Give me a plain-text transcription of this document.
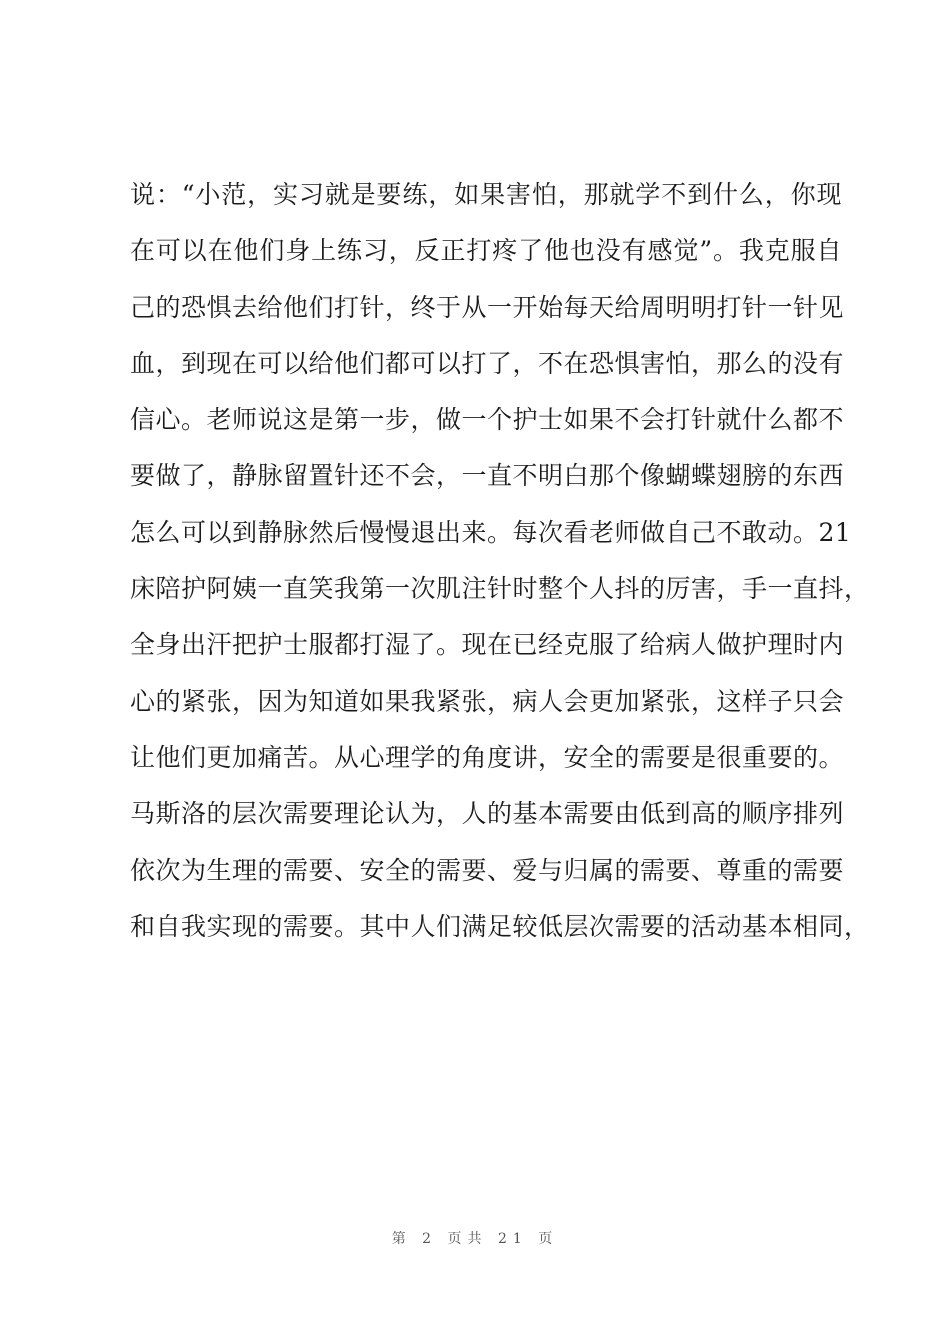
说：“小范，实习就是要练，如果害怕，那就学不到什么，你现
在可以在他们身上练习，反正打疼了他也没有感觉”。我克服自
己的恐惧去给他们打针，终于从一开始每天给周明明打针一针见
血，到现在可以给他们都可以打了，不在恐惧害怕，那么的没有
信心。老师说这是第一步，做一个护士如果不会打针就什么都不
要做了，静脉留置针还不会，一直不明白那个像蝴蝶翅膀的东西
怎么可以到静脉然后慢慢退出来。每次看老师做自己不敢动。21
床陪护阿姨一直笑我第一次肌注针时整个人抖的厉害，手一直抖，
全身出汗把护士服都打湿了。现在已经克服了给病人做护理时内
心的紧张，因为知道如果我紧张，病人会更加紧张，这样子只会
让他们更加痛苦。从心理学的角度讲，安全的需要是很重要的。
马斯洛的层次需要理论认为，人的基本需要由低到高的顺序排列
依次为生理的需要、安全的需要、爱与归属的需要、尊重的需要
和自我实现的需要。其中人们满足较低层次需要的活动基本相同，
第 2 页共 21 页
